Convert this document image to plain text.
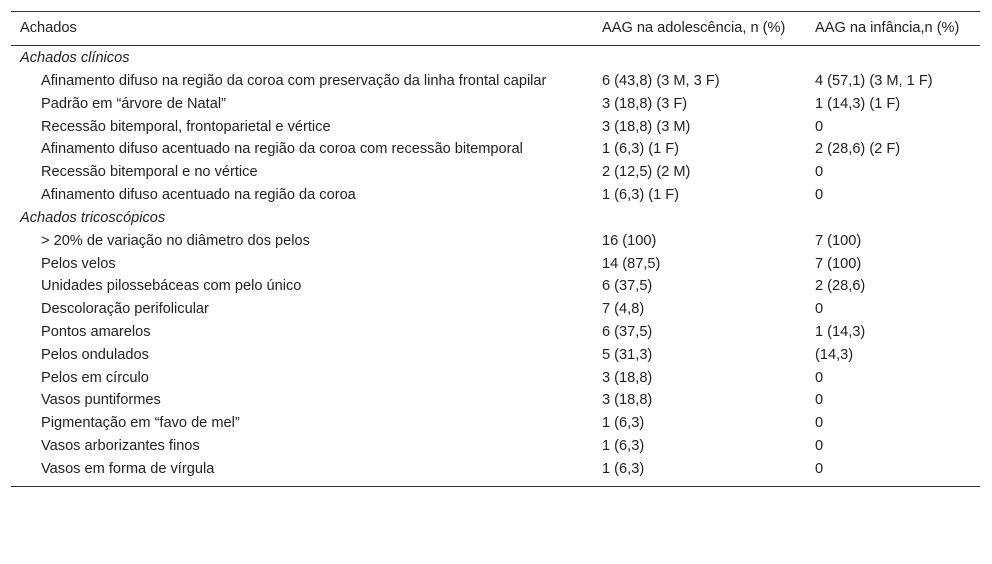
Achados	AAG na adolescência, n (%)	AAG na infância,n (%)
Achados clínicos
Afinamento difuso na região da coroa com preservação da linha frontal capilar	6 (43,8) (3 M, 3 F)	4 (57,1) (3 M, 1 F)
Padrão em “árvore de Natal”	3 (18,8) (3 F)	1 (14,3) (1 F)
Recessão bitemporal, frontoparietal e vértice	3 (18,8) (3 M)	0
Afinamento difuso acentuado na região da coroa com recessão bitemporal	1 (6,3) (1 F)	2 (28,6) (2 F)
Recessão bitemporal e no vértice	2 (12,5) (2 M)	0
Afinamento difuso acentuado na região da coroa	1 (6,3) (1 F)	0
Achados tricoscópicos
> 20% de variação no diâmetro dos pelos	16 (100)	7 (100)
Pelos velos	14 (87,5)	7 (100)
Unidades pilossebáceas com pelo único	6 (37,5)	2 (28,6)
Descoloração perifolicular	7 (4,8)	0
Pontos amarelos	6 (37,5)	1 (14,3)
Pelos ondulados	5 (31,3)	(14,3)
Pelos em círculo	3 (18,8)	0
Vasos puntiformes	3 (18,8)	0
Pigmentação em “favo de mel”	1 (6,3)	0
Vasos arborizantes finos	1 (6,3)	0
Vasos em forma de vírgula	1 (6,3)	0
